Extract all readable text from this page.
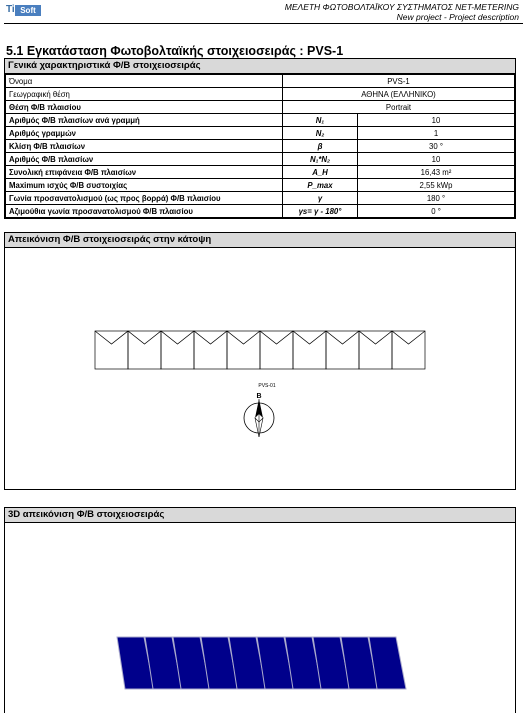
Ti Soft	ΜΕΛΕΤΗ ΦΩΤΟΒΟΛΤΑΪΚΟΥ ΣΥΣΤΗΜΑΤΟΣ NET-METERING
New project - Project description
5.1 Εγκατάσταση Φωτοβολταϊκής στοιχειοσειράς : PVS-1
Γενικά χαρακτηριστικά Φ/Β στοιχειοσειράς
Όνομα	PVS-1	
Γεωγραφική θέση	ΑΘΗΝΑ (ΕΛΛΗΝΙΚΟ)	
Θέση Φ/Β πλαισίου	Portrait	
Αριθμός Φ/Β πλαισίων ανά γραμμή	N₁	10
Αριθμός γραμμών	N₂	1
Κλίση Φ/Β πλαισίων	β	30 °
Αριθμός Φ/Β πλαισίων	N₁*N₂	10
Συνολική επιφάνεια Φ/Β πλαισίων	A_H	16,43 m²
Maximum ισχύς Φ/Β συστοιχίας	P_max	2,55 kWp
Γωνία προσανατολισμού (ως προς βορρά) Φ/Β πλαισίου	γ	180 °
Αζιμούθια γωνία προσανατολισμού Φ/Β πλαισίου	γs= γ - 180°	0 °
Απεικόνιση Φ/Β στοιχειοσειράς στην κάτοψη
PVS-01
B
3D απεικόνιση Φ/Β στοιχειοσειράς
